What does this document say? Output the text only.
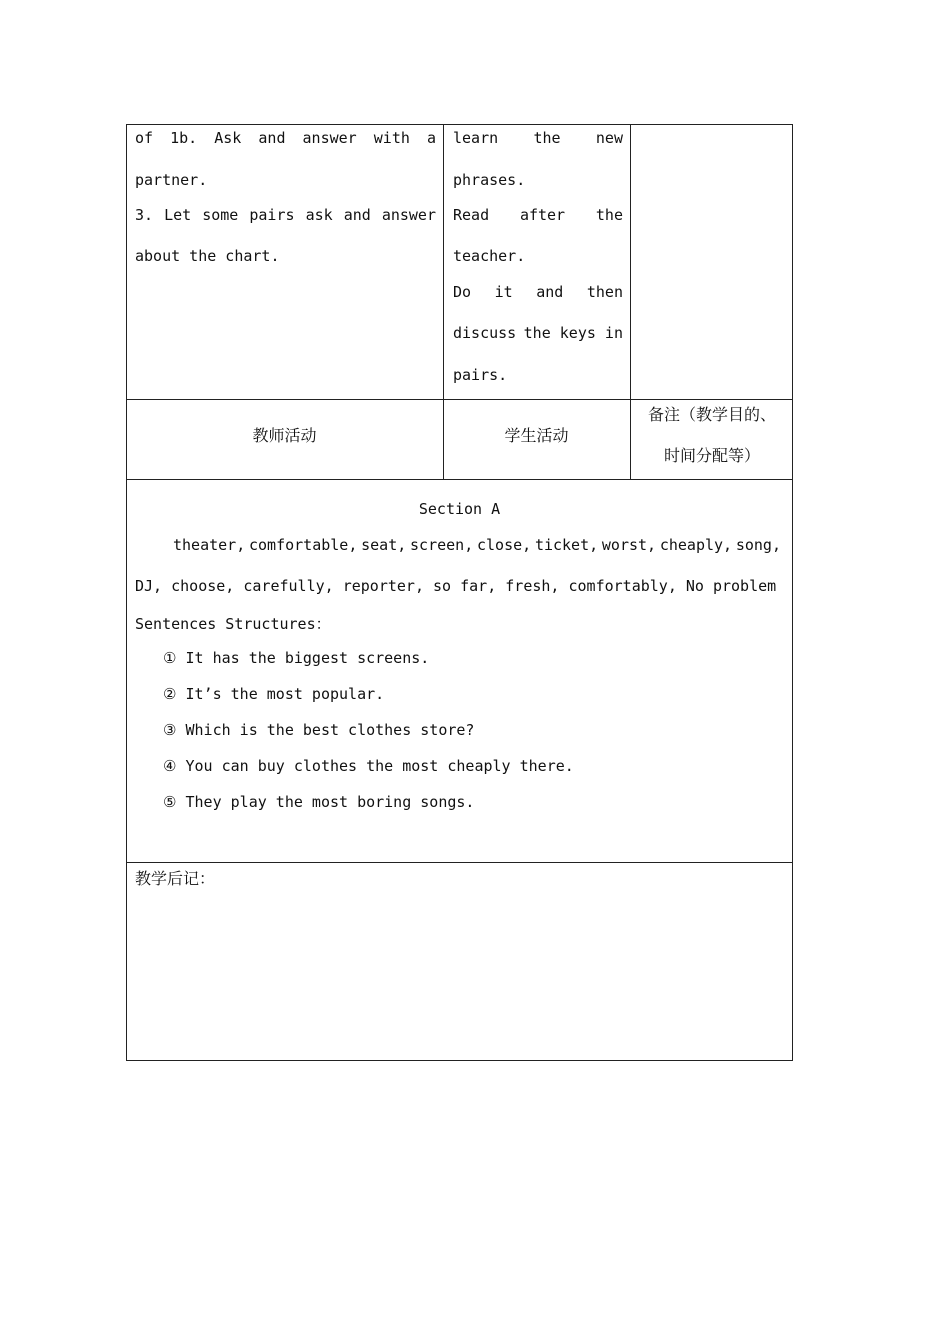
of 1b. Ask and answer with a
partner.
3. Let some pairs ask and answer
about the chart.
learn the new
phrases.
Read after the
teacher.
Do it and then
discuss the keys in
pairs.
教师活动	学生活动
备注（教学目的、
时间分配等）
Section A
theater, comfortable, seat, screen, close, ticket, worst, cheaply, song,
DJ, choose, carefully, reporter, so far, fresh, comfortably, No problem
Sentences Structures：
① It has the biggest screens.
② It’s the most popular.
③ Which is the best clothes store?
④ You can buy clothes the most cheaply there.
⑤ They play the most boring songs.
教学后记：
